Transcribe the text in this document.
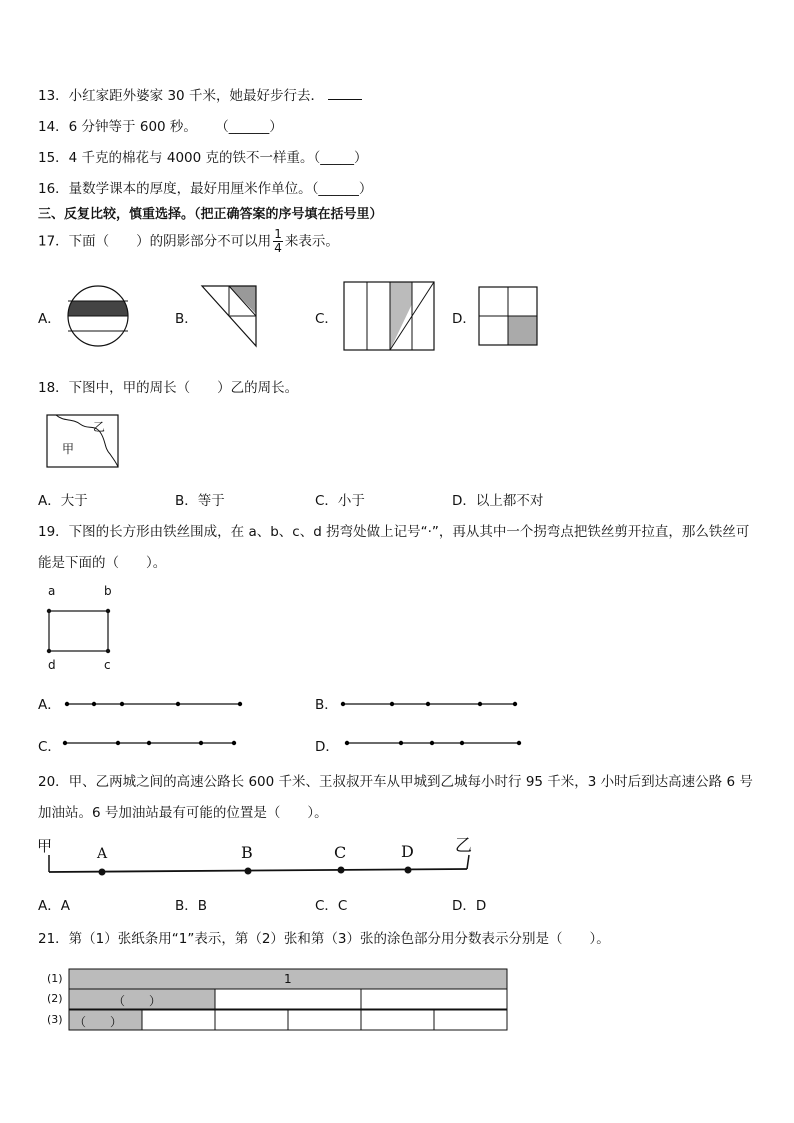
13．小红家距外婆家 30 千米，她最好步行去．
14．6 分钟等于 600 秒。 （______）
15．4 千克的棉花与 4000 克的铁不一样重。（_____）
16．量数学课本的厚度，最好用厘米作单位。（______）
三、反复比较，慎重选择。（把正确答案的序号填在括号里）
17．下面（　　）的阴影部分不可以用 $\frac{1}{4}$ 来表示。
A．	B．	C．	D．
18．下图中，甲的周长（　　）乙的周长。
乙
甲
A．大于	B．等于	C．小于	D．以上都不对
19．下图的长方形由铁丝围成，在 a、b、c、d 拐弯处做上记号“·”，再从其中一个拐弯点把铁丝剪开拉直，那么铁丝可
能是下面的（　　）。
a	b
d	c
A．	B．
C．	D．
20．甲、乙两城之间的高速公路长 600 千米、王叔叔开车从甲城到乙城每小时行 95 千米，3 小时后到达高速公路 6 号
加油站。6 号加油站最有可能的位置是（　　）。
甲	乙
A	B	C	D
A．A	B．B	C．C	D．D
21．第（1）张纸条用“1”表示，第（2）张和第（3）张的涂色部分用分数表示分别是（　　）。
(1)
(2)
(3)
1
（　　）
（　　）
